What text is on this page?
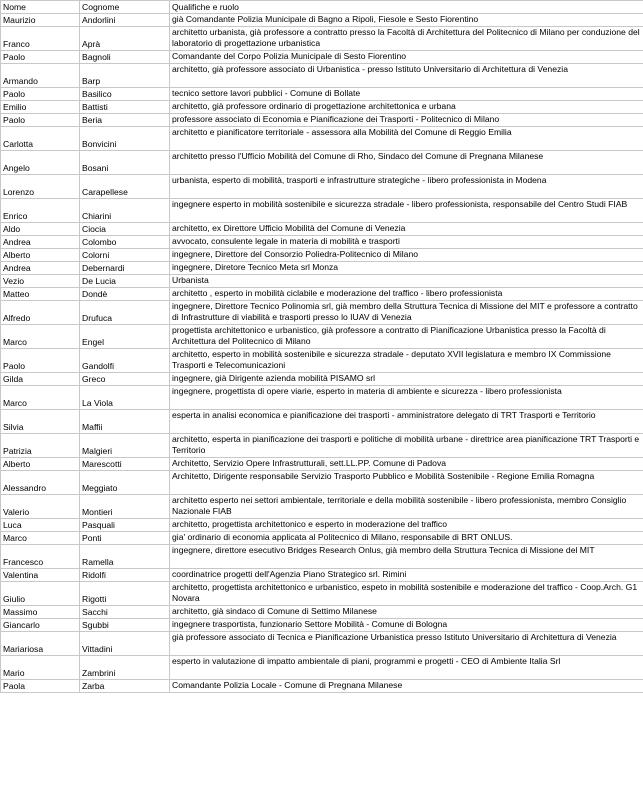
Nome	Cognome	Qualifiche e ruolo
Maurizio	Andorlini	già Comandante Polizia Municipale di Bagno a Ripoli, Fiesole e Sesto Fiorentino
Franco	Aprà	architetto urbanista, già professore a contratto presso la Facoltà di Architettura del Politecnico di Milano per conduzione del laboratorio di progettazione urbanistica
Paolo	Bagnoli	Comandante del Corpo Polizia Municipale di Sesto Fiorentino
Armando	Barp	architetto, già professore associato di Urbanistica - presso Istituto Universitario di Architettura di Venezia
Paolo	Basilico	tecnico settore lavori pubblici - Comune di Bollate
Emilio	Battisti	architetto, già professore ordinario di progettazione architettonica e urbana
Paolo	Beria	professore associato di Economia e Pianificazione dei Trasporti - Politecnico di Milano
Carlotta	Bonvicini	architetto e pianificatore territoriale - assessora alla Mobilità del Comune di Reggio Emilia
Angelo	Bosani	architetto presso l'Ufficio Mobilità del Comune di Rho, Sindaco del Comune di Pregnana Milanese
Lorenzo	Carapellese	urbanista, esperto di mobilità, trasporti e infrastrutture strategiche - libero professionista in Modena
Enrico	Chiarini	ingegnere esperto in mobilità sostenibile e sicurezza stradale - libero professionista, responsabile del Centro Studi FIAB
Aldo	Ciocia	architetto, ex Direttore Ufficio Mobilità del Comune di Venezia
Andrea	Colombo	avvocato, consulente legale in materia di mobilità e trasporti
Alberto	Colorni	ingegnere, Direttore del Consorzio Poliedra-Politecnico di Milano
Andrea	Debernardi	ingegnere, Diretore Tecnico Meta srl Monza
Vezio	De Lucia	Urbanista
Matteo	Dondè	architetto , esperto in mobilità ciclabile e moderazione del traffico - libero professionista
Alfredo	Drufuca	ingegnere, Direttore Tecnico Polinomia srl, già membro della Struttura Tecnica di Missione del MIT e professore a contratto di Infrastrutture di viabilità e trasporti presso lo IUAV di Venezia
Marco	Engel	progettista architettonico e urbanistico, già professore a contratto di Pianificazione Urbanistica presso la Facoltà di Architettura del Politecnico di Milano
Paolo	Gandolfi	architetto, esperto in mobilità sostenibile e sicurezza stradale - deputato XVII legislatura e membro IX Commissione Trasporti e Telecomunicazioni
Gilda	Greco	ingegnere, già Dirigente azienda mobilità PISAMO srl
Marco	La Viola	ingegnere, progettista di opere viarie, esperto in materia di ambiente e sicurezza - libero professionista
Silvia	Maffii	esperta in analisi economica e pianificazione dei trasporti - amministratore delegato di TRT Trasporti e Territorio
Patrizia	Malgieri	architetto, esperta in pianificazione dei trasporti e politiche di mobilità urbane - direttrice area pianificazione TRT Trasporti e Territorio
Alberto	Marescotti	Architetto, Servizio Opere Infrastrutturali, sett.LL.PP. Comune di Padova
Alessandro	Meggiato	Architetto, Dirigente responsabile Servizio Trasporto Pubblico e Mobilità Sostenibile - Regione Emilia Romagna
Valerio	Montieri	architetto esperto nei settori ambientale, territoriale e della mobilità sostenibile - libero professionista, membro Consiglio Nazionale FIAB
Luca	Pasquali	architetto, progettista architettonico e esperto in moderazione del traffico
Marco	Ponti	gia' ordinario di economia applicata al Politecnico di Milano, responsabile di BRT ONLUS.
Francesco	Ramella	ingegnere, direttore esecutivo Bridges Research Onlus, già membro della Struttura Tecnica di Missione del MIT
Valentina	Ridolfi	coordinatrice progetti dell'Agenzia Piano Strategico srl. Rimini
Giulio	Rigotti	architetto, progettista architettonico e urbanistico, espeto in mobilità sostenibile e moderazione del traffico - Coop.Arch. G1 Novara
Massimo	Sacchi	architetto, già sindaco di Comune di Settimo Milanese
Giancarlo	Sgubbi	ingegnere trasportista, funzionario Settore Mobilità - Comune di Bologna
Mariariosa	Vittadini	già professore associato di Tecnica e Pianificazione Urbanistica presso Istituto Universitario di Architettura di Venezia
Mario	Zambrini	esperto in valutazione di impatto ambientale di piani, programmi e progetti - CEO di Ambiente Italia Srl
Paola	Zarba	Comandante Polizia Locale - Comune di Pregnana Milanese
